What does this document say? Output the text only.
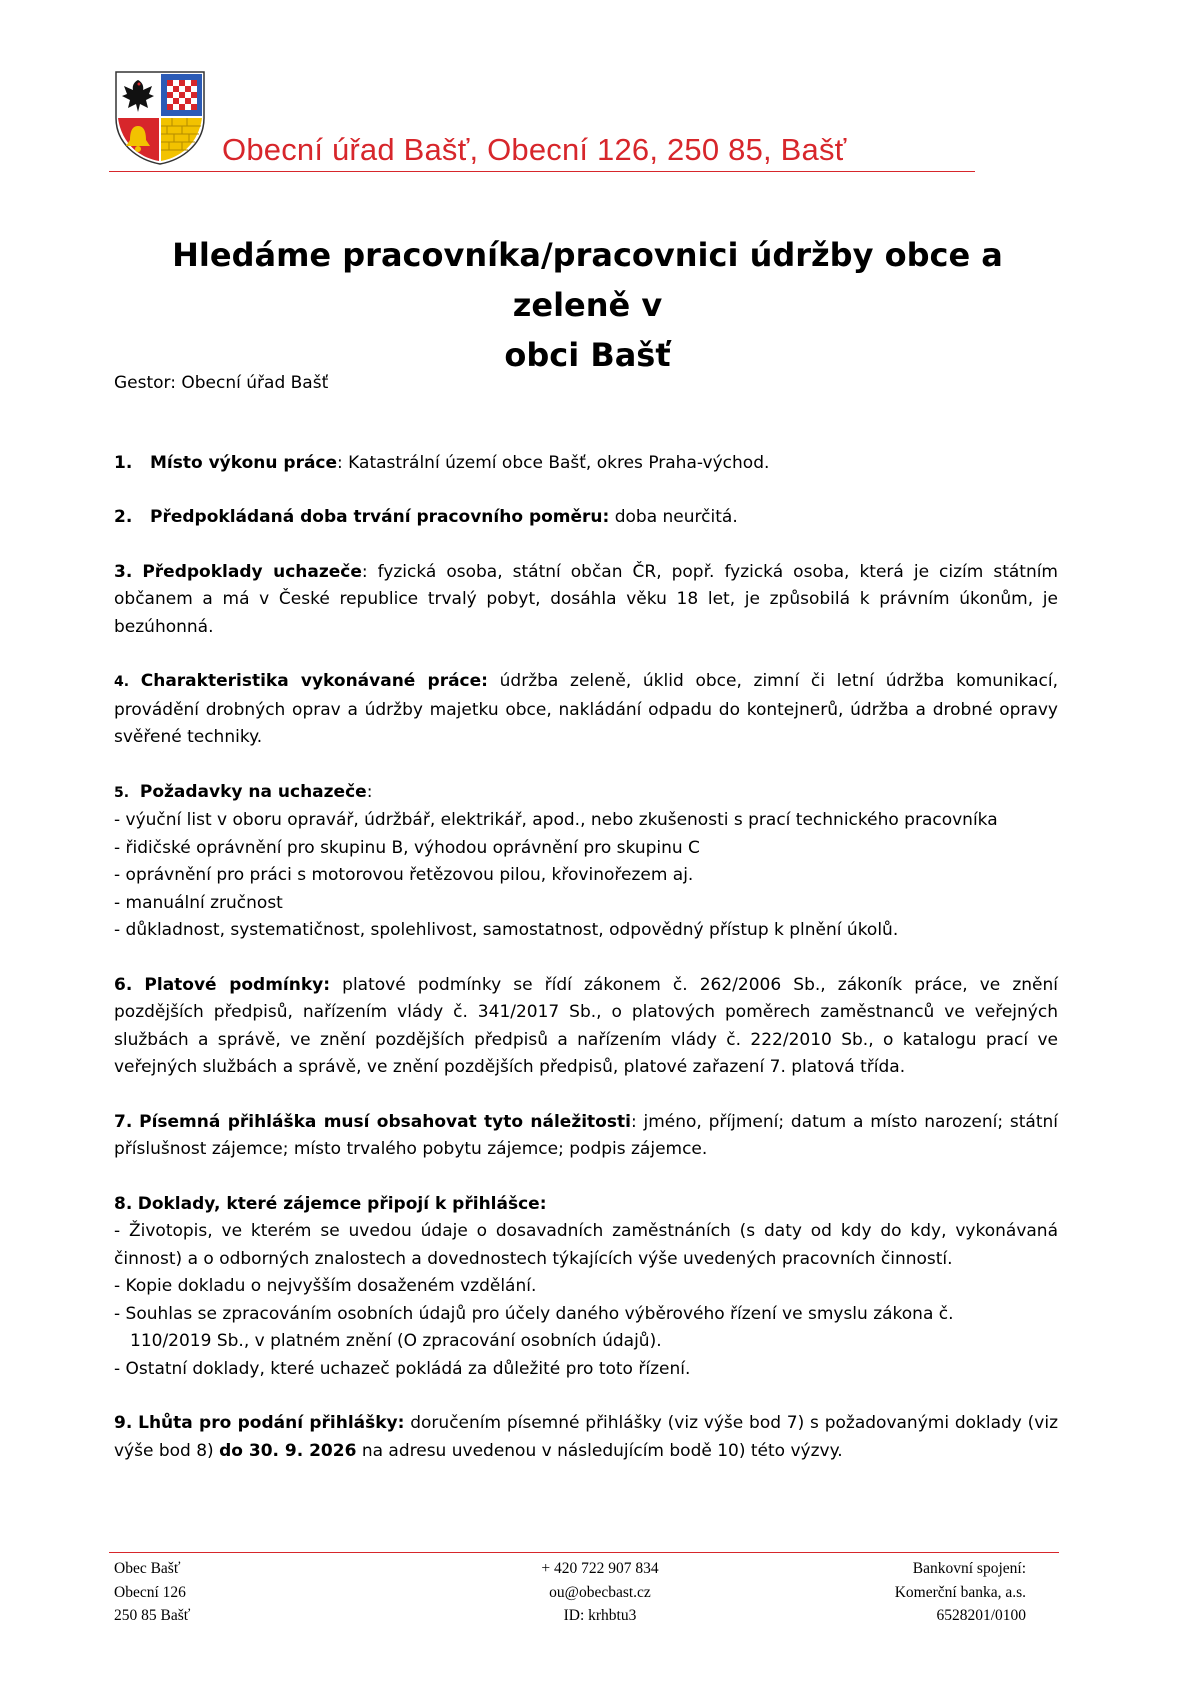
Obecní úřad Bašť, Obecní 126, 250 85, Bašť
Hledáme pracovníka/pracovnici údržby obce a zeleně v
obci Bašť

Gestor: Obecní úřad Bašť

1.	Místo výkonu práce: Katastrální území obce Bašť, okres Praha-východ.
2.	Předpokládaná doba trvání pracovního poměru: doba neurčitá.

3. Předpoklady uchazeče: fyzická osoba, státní občan ČR, popř. fyzická osoba, která je cizím státním občanem a má v České republice trvalý pobyt, dosáhla věku 18 let, je způsobilá k právním úkonům, je bezúhonná.

4. Charakteristika vykonávané práce: údržba zeleně, úklid obce, zimní či letní údržba komunikací, provádění drobných oprav a údržby majetku obce, nakládání odpadu do kontejnerů, údržba a drobné opravy svěřené techniky.

5. Požadavky na uchazeče:

- výuční list v oboru opravář, údržbář, elektrikář, apod., nebo zkušenosti s prací technického pracovníka

- řidičské oprávnění pro skupinu B, výhodou oprávnění pro skupinu C

- oprávnění pro práci s motorovou řetězovou pilou, křovinořezem aj.

- manuální zručnost

- důkladnost, systematičnost, spolehlivost, samostatnost, odpovědný přístup k plnění úkolů.

6. Platové podmínky: platové podmínky se řídí zákonem č. 262/2006 Sb., zákoník práce, ve znění pozdějších předpisů, nařízením vlády č. 341/2017 Sb., o platových poměrech zaměstnanců ve veřejných službách a správě, ve znění pozdějších předpisů a nařízením vlády č. 222/2010 Sb., o katalogu prací ve veřejných službách a správě, ve znění pozdějších předpisů, platové zařazení 7. platová třída.

7. Písemná přihláška musí obsahovat tyto náležitosti: jméno, příjmení; datum a místo narození; státní příslušnost zájemce; místo trvalého pobytu zájemce; podpis zájemce.

8. Doklady, které zájemce připojí k přihlášce:

- Životopis, ve kterém se uvedou údaje o dosavadních zaměstnáních (s daty od kdy do kdy, vykonávaná činnost) a o odborných znalostech a dovednostech týkajících výše uvedených pracovních činností.

- Kopie dokladu o nejvyšším dosaženém vzdělání.

- Souhlas se zpracováním osobních údajů pro účely daného výběrového řízení ve smyslu zákona č.

110/2019 Sb., v platném znění (O zpracování osobních údajů).

- Ostatní doklady, které uchazeč pokládá za důležité pro toto řízení.

9. Lhůta pro podání přihlášky: doručením písemné přihlášky (viz výše bod 7) s požadovanými doklady (viz výše bod 8) do 30. 9. 2026 na adresu uvedenou v následujícím bodě 10) této výzvy.

Obec Bašť
Obecní 126
250 85 Bašť
+ 420 722 907 834
ou@obecbast.cz
ID: krhbtu3
Bankovní spojení:
Komerční banka, a.s.
6528201/0100
